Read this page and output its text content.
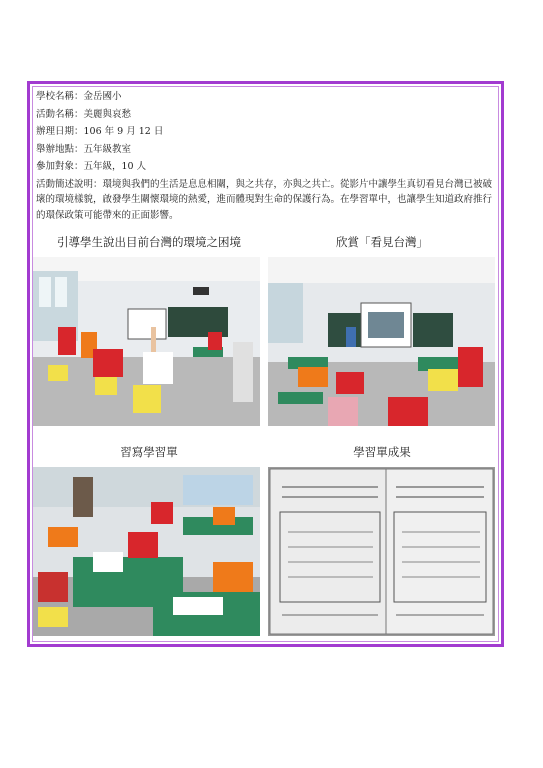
學校名稱：金岳國小
活動名稱：美麗與哀愁
辦理日期：106 年 9 月 12 日
舉辦地點：五年級教室
參加對象：五年級，10 人
活動簡述說明：環境與我們的生活是息息相關，與之共存，亦與之共亡。從影片中讓學生真切看見台灣已被破壞的環境樣貌，啟發學生關懷環境的熱愛，進而體現對生命的保護行為。在學習單中，也讓學生知道政府推行的環保政策可能帶來的正面影響。
引導學生說出目前台灣的環境之困境	欣賞「看見台灣」
習寫學習單	學習單成果
